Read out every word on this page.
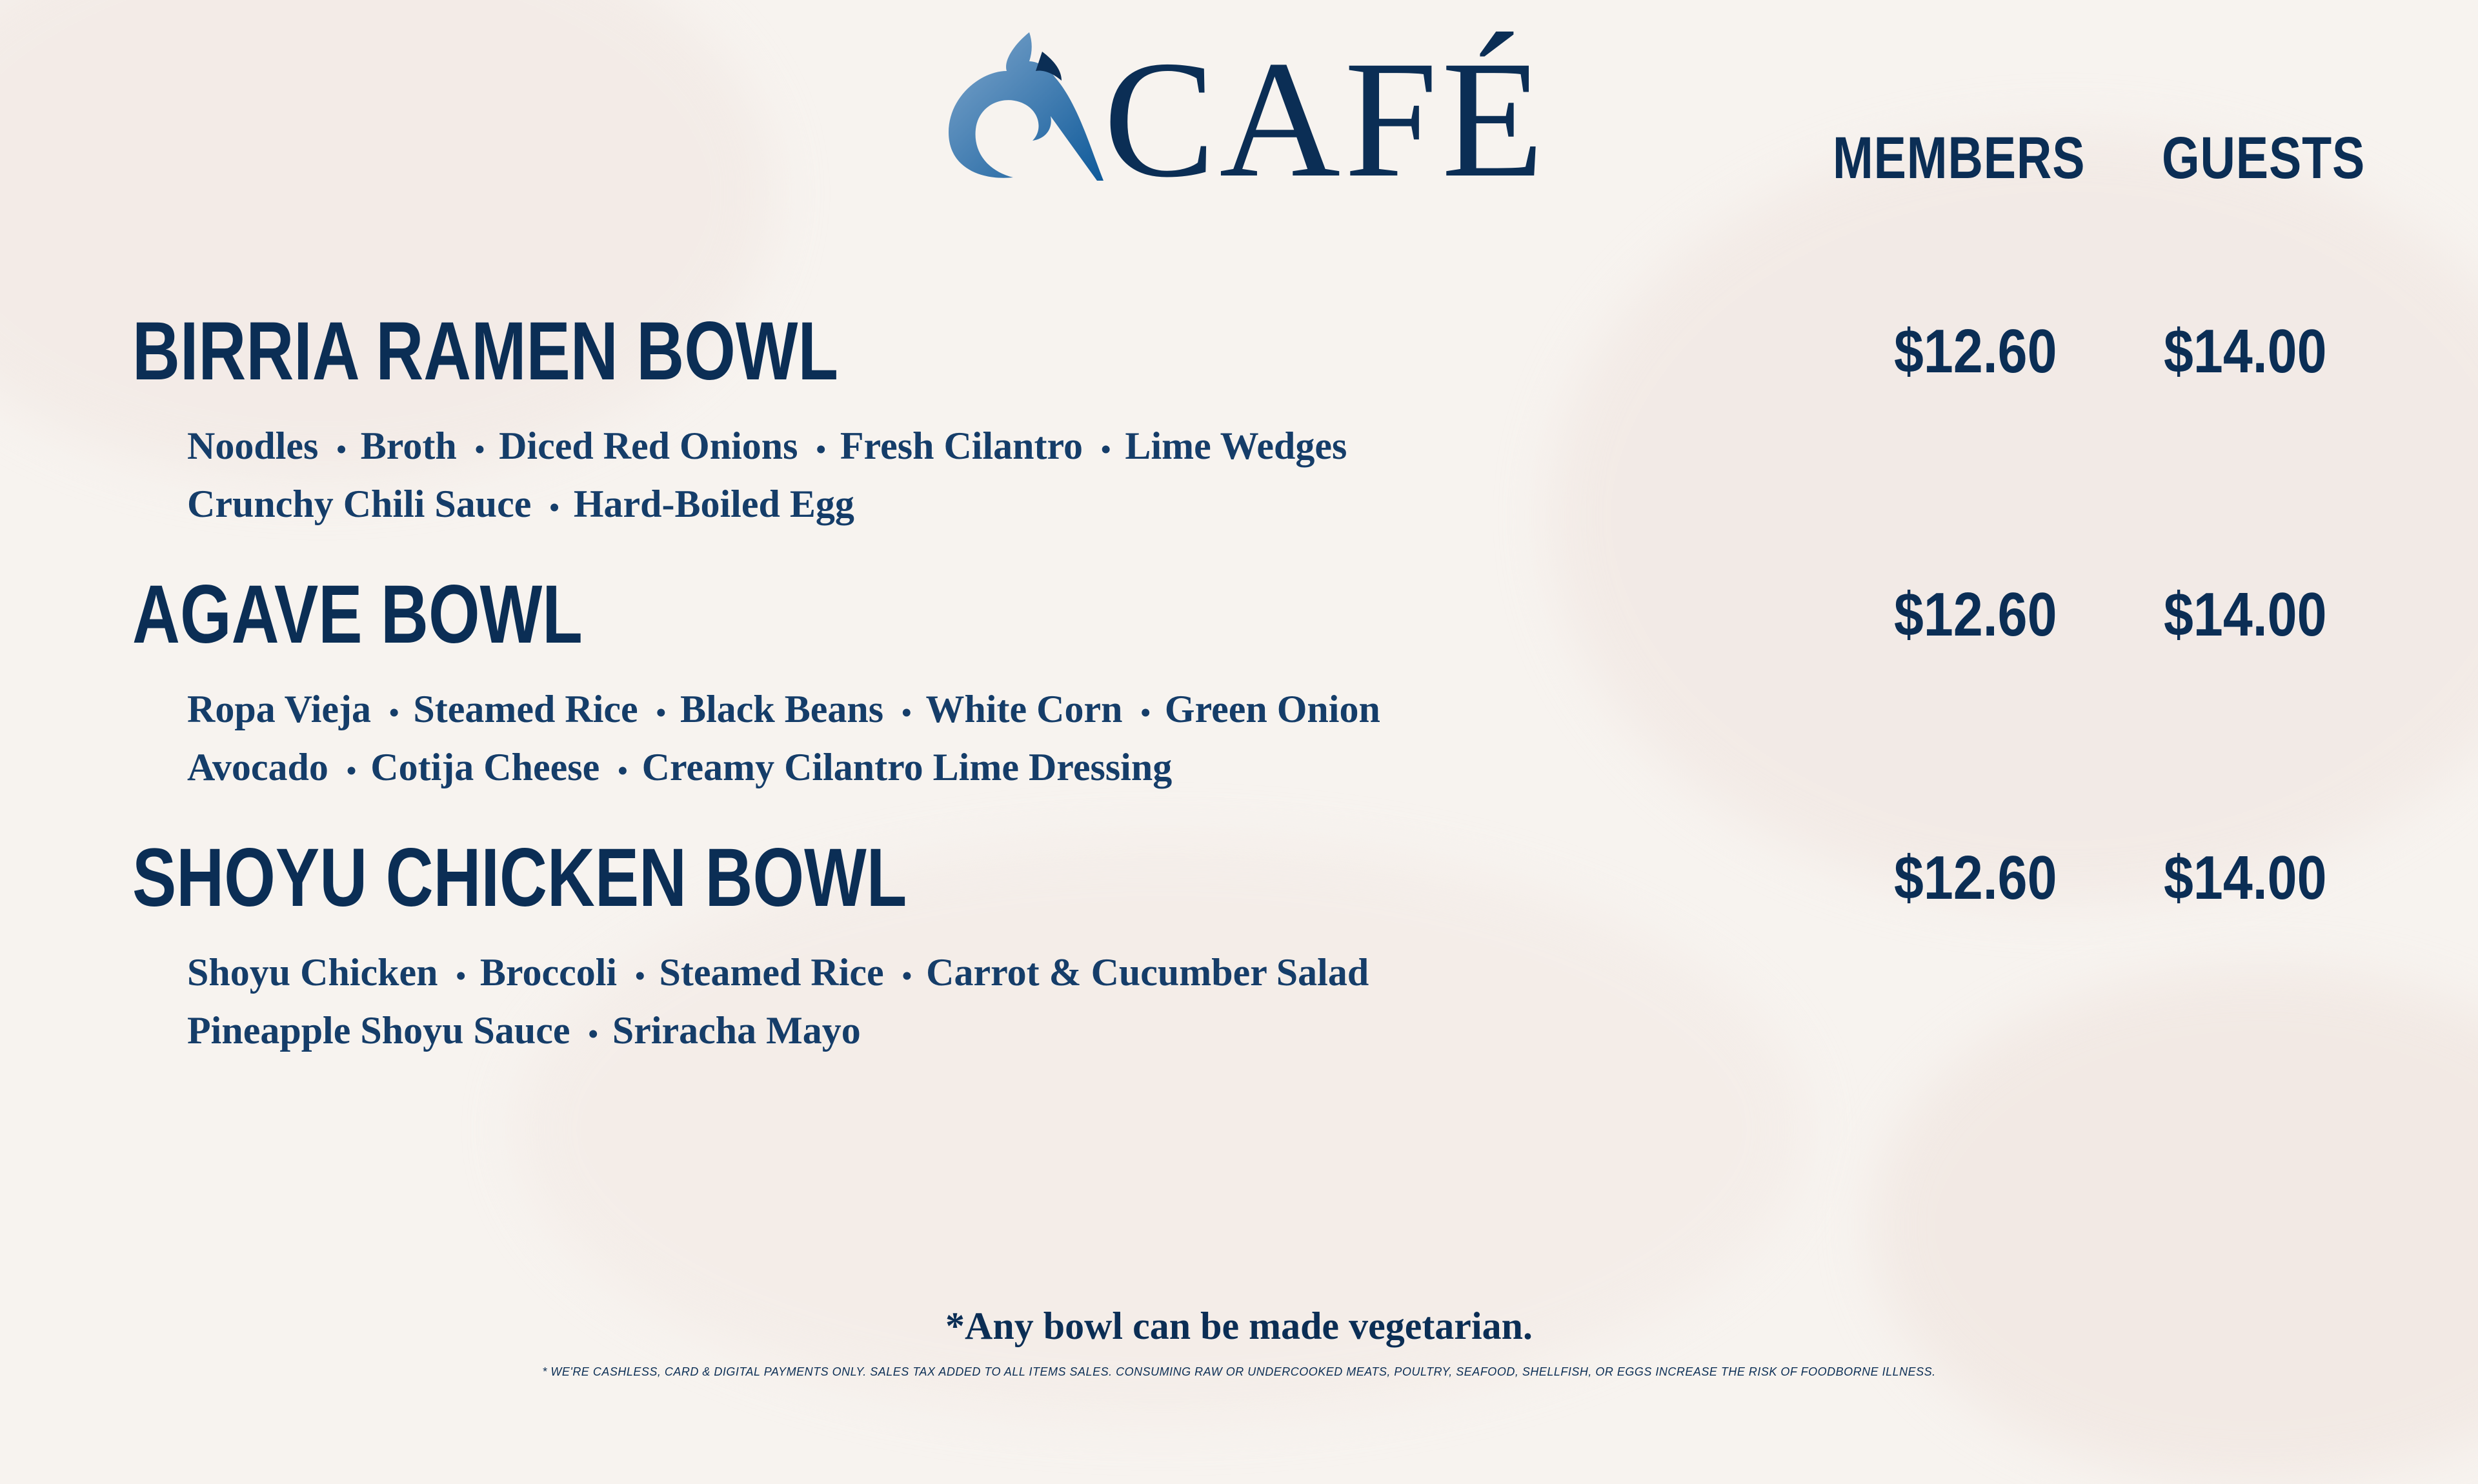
CAFÉ	MEMBERS GUESTS
BIRRIA RAMEN BOWL	$12.60 $14.00
Noodles • Broth • Diced Red Onions • Fresh Cilantro • Lime Wedges
Crunchy Chili Sauce • Hard-Boiled Egg
AGAVE BOWL	$12.60 $14.00
Ropa Vieja • Steamed Rice • Black Beans • White Corn • Green Onion
Avocado • Cotija Cheese • Creamy Cilantro Lime Dressing
SHOYU CHICKEN BOWL	$12.60 $14.00
Shoyu Chicken • Broccoli • Steamed Rice • Carrot & Cucumber Salad
Pineapple Shoyu Sauce • Sriracha Mayo
*Any bowl can be made vegetarian.
* WE'RE CASHLESS, CARD & DIGITAL PAYMENTS ONLY. SALES TAX ADDED TO ALL ITEMS SALES. CONSUMING RAW OR UNDERCOOKED MEATS, POULTRY, SEAFOOD, SHELLFISH, OR EGGS INCREASE THE RISK OF FOODBORNE ILLNESS.
